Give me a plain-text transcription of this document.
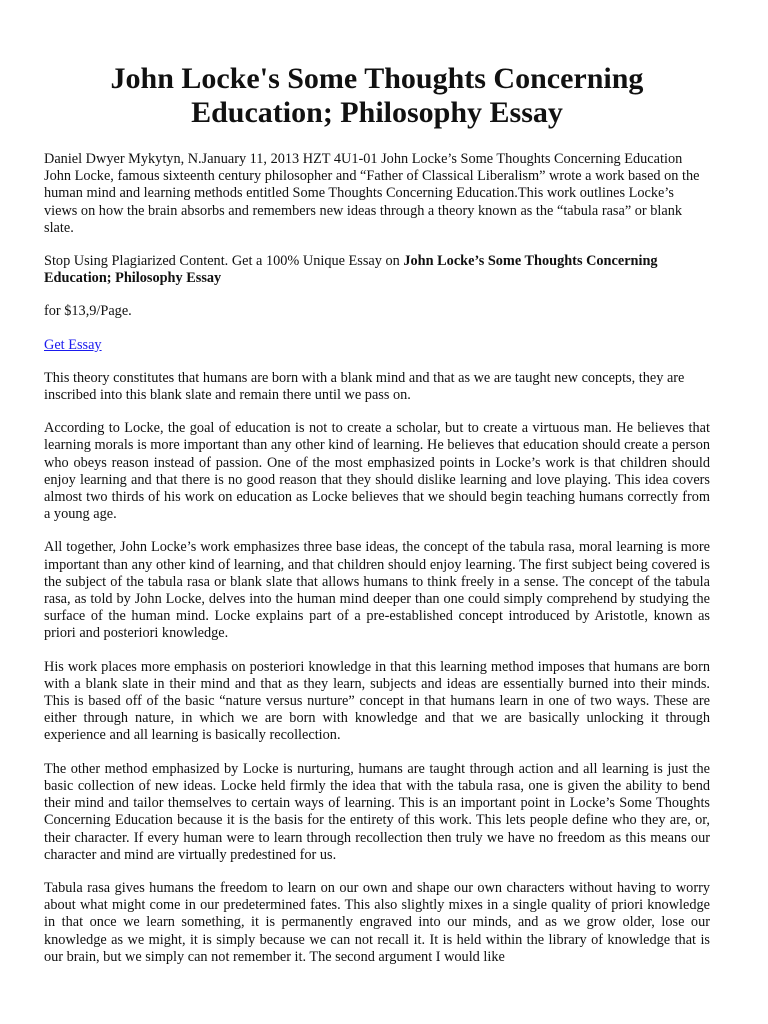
John Locke's Some Thoughts Concerning Education; Philosophy Essay

Daniel Dwyer Mykytyn, N.January 11, 2013 HZT 4U1-01 John Locke’s Some Thoughts Concerning Education John Locke, famous sixteenth century philosopher and “Father of Classical Liberalism” wrote a work based on the human mind and learning methods entitled Some Thoughts Concerning Education.This work outlines Locke’s views on how the brain absorbs and remembers new ideas through a theory known as the “tabula rasa” or blank slate.

Stop Using Plagiarized Content. Get a 100% Unique Essay on John Locke’s Some Thoughts Concerning Education; Philosophy Essay

for $13,9/Page.

Get Essay

This theory constitutes that humans are born with a blank mind and that as we are taught new concepts, they are inscribed into this blank slate and remain there until we pass on.

According to Locke, the goal of education is not to create a scholar, but to create a virtuous man. He believes that learning morals is more important than any other kind of learning. He believes that education should create a person who obeys reason instead of passion. One of the most emphasized points in Locke’s work is that children should enjoy learning and that there is no good reason that they should dislike learning and love playing. This idea covers almost two thirds of his work on education as Locke believes that we should begin teaching humans correctly from a young age.

All together, John Locke’s work emphasizes three base ideas, the concept of the tabula rasa, moral learning is more important than any other kind of learning, and that children should enjoy learning. The first subject being covered is the subject of the tabula rasa or blank slate that allows humans to think freely in a sense. The concept of the tabula rasa, as told by John Locke, delves into the human mind deeper than one could simply comprehend by studying the surface of the human mind. Locke explains part of a pre-established concept introduced by Aristotle, known as priori and posteriori knowledge.

His work places more emphasis on posteriori knowledge in that this learning method imposes that humans are born with a blank slate in their mind and that as they learn, subjects and ideas are essentially burned into their minds. This is based off of the basic “nature versus nurture” concept in that humans learn in one of two ways. These are either through nature, in which we are born with knowledge and that we are basically unlocking it through experience and all learning is basically recollection.

The other method emphasized by Locke is nurturing, humans are taught through action and all learning is just the basic collection of new ideas. Locke held firmly the idea that with the tabula rasa, one is given the ability to bend their mind and tailor themselves to certain ways of learning. This is an important point in Locke’s Some Thoughts Concerning Education because it is the basis for the entirety of this work. This lets people define who they are, or, their character. If every human were to learn through recollection then truly we have no freedom as this means our character and mind are virtually predestined for us.

Tabula rasa gives humans the freedom to learn on our own and shape our own characters without having to worry about what might come in our predetermined fates. This also slightly mixes in a single quality of priori knowledge in that once we learn something, it is permanently engraved into our minds, and as we grow older, lose our knowledge as we might, it is simply because we can not recall it. It is held within the library of knowledge that is our brain, but we simply can not remember it. The second argument I would like
